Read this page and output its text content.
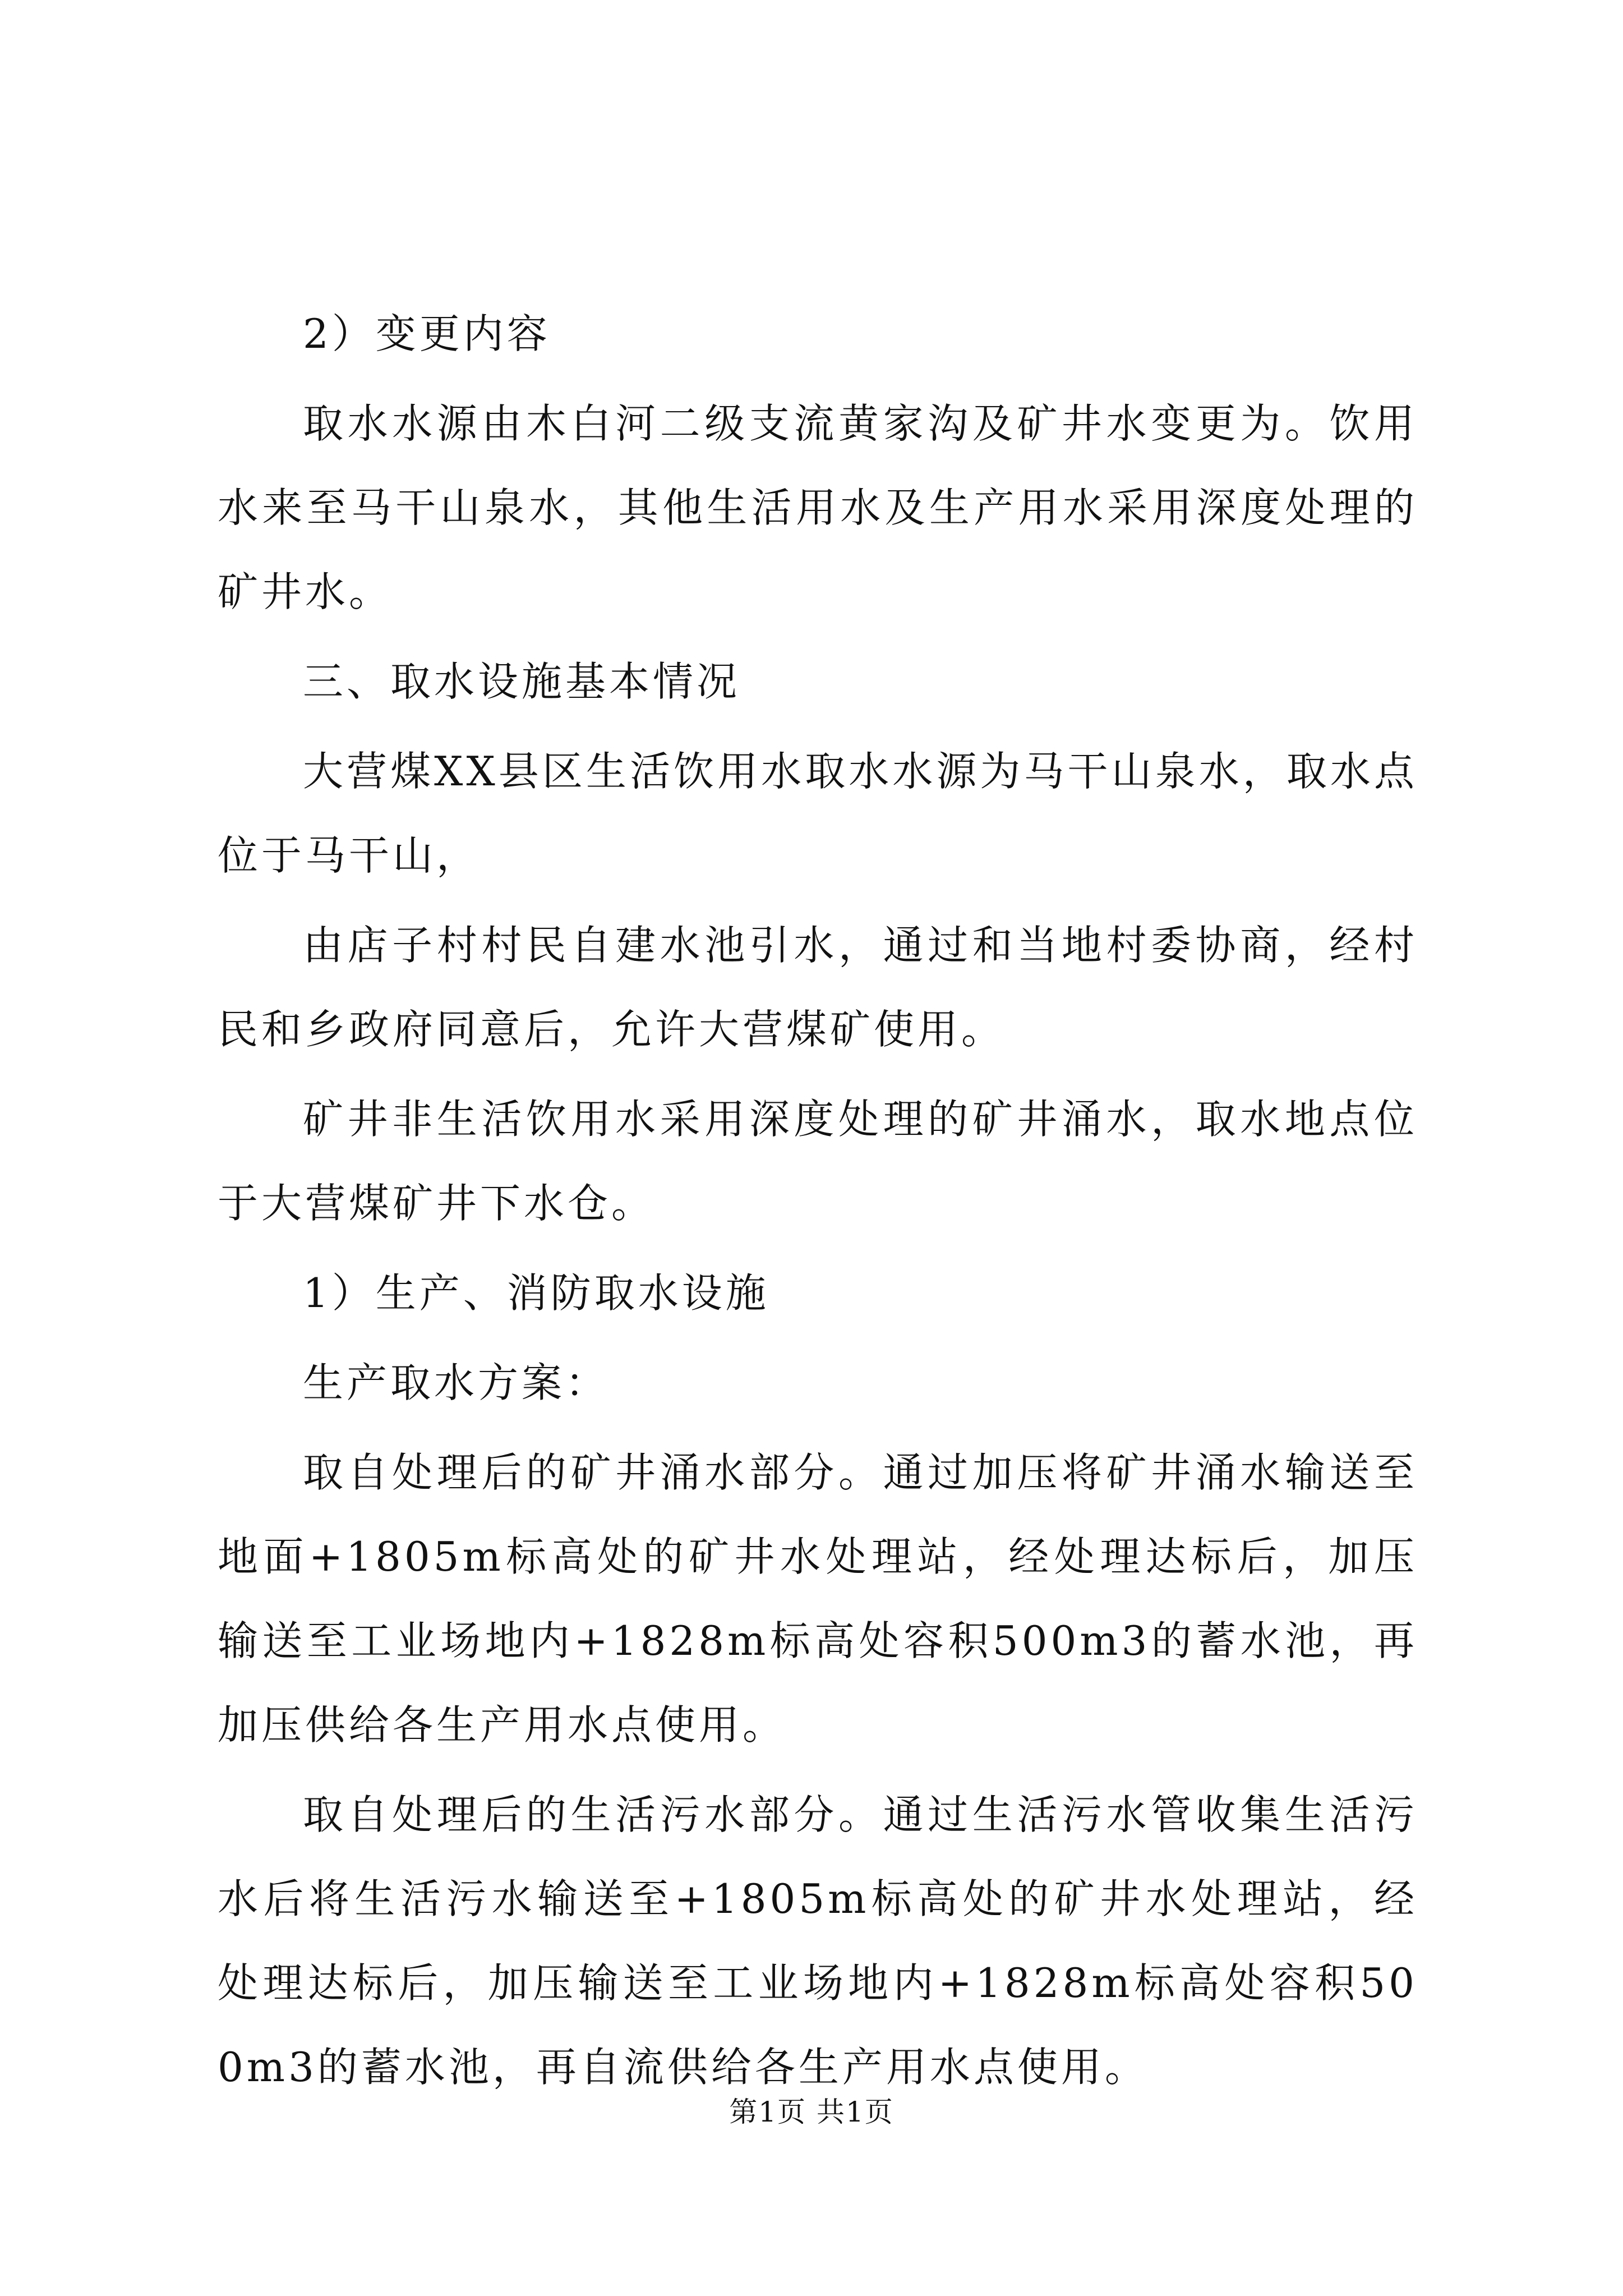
2）变更内容

取水水源由木白河二级支流黄家沟及矿井水变更为。饮用水来至马干山泉水，其他生活用水及生产用水采用深度处理的矿井水。

三、取水设施基本情况

大营煤XX县区生活饮用水取水水源为马干山泉水，取水点位于马干山，

由店子村村民自建水池引水，通过和当地村委协商，经村民和乡政府同意后，允许大营煤矿使用。

矿井非生活饮用水采用深度处理的矿井涌水，取水地点位于大营煤矿井下水仓。

1）生产、消防取水设施

生产取水方案：

取自处理后的矿井涌水部分。通过加压将矿井涌水输送至地面+1805m标高处的矿井水处理站，经处理达标后，加压输送至工业场地内+1828m标高处容积500m3的蓄水池，再加压供给各生产用水点使用。

取自处理后的生活污水部分。通过生活污水管收集生活污水后将生活污水输送至+1805m标高处的矿井水处理站，经处理达标后，加压输送至工业场地内+1828m标高处容积500m3的蓄水池，再自流供给各生产用水点使用。

第1页 共1页
